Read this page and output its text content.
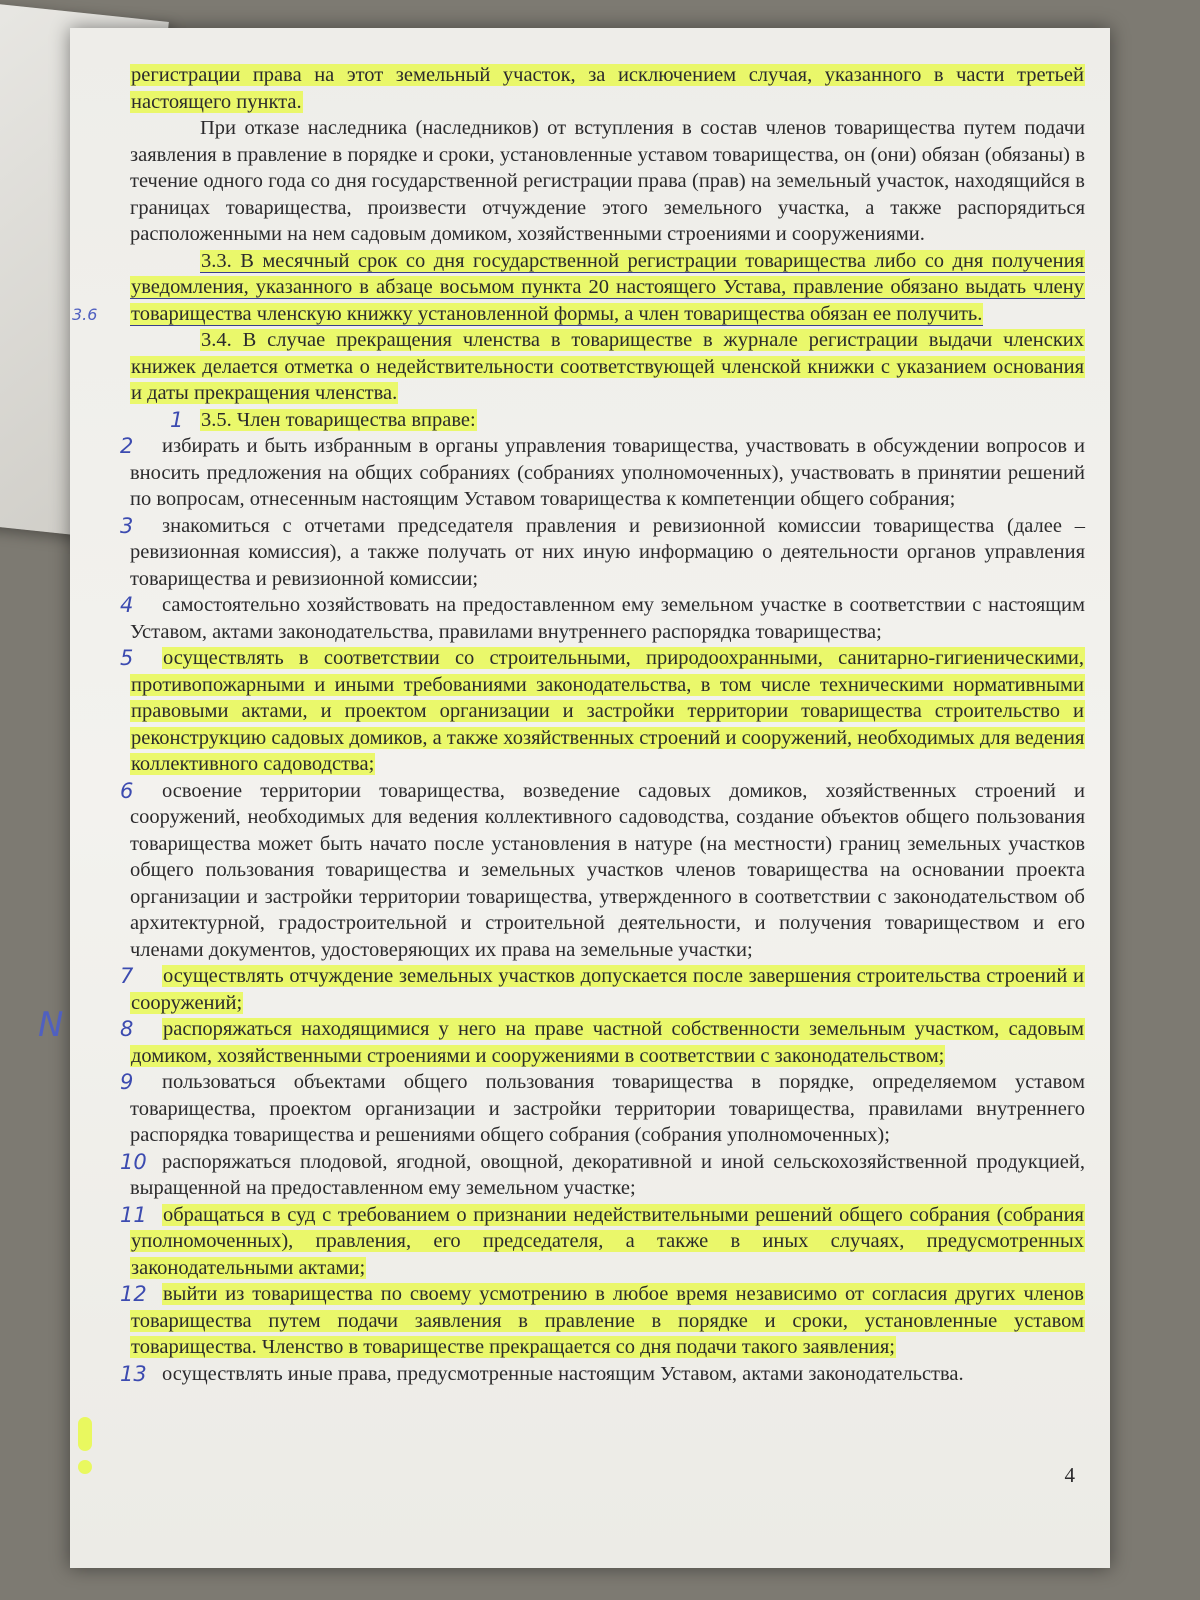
3.6
N

регистрации права на этот земельный участок, за исключением случая, указанного в части третьей настоящего пункта.

При отказе наследника (наследников) от вступления в состав членов товарищества путем подачи заявления в правление в порядке и сроки, установленные уставом товарищества, он (они) обязан (обязаны) в течение одного года со дня государственной регистрации права (прав) на земельный участок, находящийся в границах товарищества, произвести отчуждение этого земельного участка, а также распорядиться расположенными на нем садовым домиком, хозяйственными строениями и сооружениями.

3.3. В месячный срок со дня государственной регистрации товарищества либо со дня получения уведомления, указанного в абзаце восьмом пункта 20 настоящего Устава, правление обязано выдать члену товарищества членскую книжку установленной формы, а член товарищества обязан ее получить.

3.4. В случае прекращения членства в товариществе в журнале регистрации выдачи членских книжек делается отметка о недействительности соответствующей членской книжки с указанием основания и даты прекращения членства.

1 3.5. Член товарищества вправе:

2	избирать и быть избранным в органы управления товарищества, участвовать в обсуждении вопросов и вносить предложения на общих собраниях (собраниях уполномоченных), участвовать в принятии решений по вопросам, отнесенным настоящим Уставом товарищества к компетенции общего собрания;

3	знакомиться с отчетами председателя правления и ревизионной комиссии товарищества (далее – ревизионная комиссия), а также получать от них иную информацию о деятельности органов управления товарищества и ревизионной комиссии;

4	самостоятельно хозяйствовать на предоставленном ему земельном участке в соответствии с настоящим Уставом, актами законодательства, правилами внутреннего распорядка товарищества;

5	осуществлять в соответствии со строительными, природоохранными, санитарно-гигиеническими, противопожарными и иными требованиями законодательства, в том числе техническими нормативными правовыми актами, и проектом организации и застройки территории товарищества строительство и реконструкцию садовых домиков, а также хозяйственных строений и сооружений, необходимых для ведения коллективного садоводства;

6	освоение территории товарищества, возведение садовых домиков, хозяйственных строений и сооружений, необходимых для ведения коллективного садоводства, создание объектов общего пользования товарищества может быть начато после установления в натуре (на местности) границ земельных участков общего пользования товарищества и земельных участков членов товарищества на основании проекта организации и застройки территории товарищества, утвержденного в соответствии с законодательством об архитектурной, градостроительной и строительной деятельности, и получения товариществом и его членами документов, удостоверяющих их права на земельные участки;

7	осуществлять отчуждение земельных участков допускается после завершения строительства строений и сооружений;

8	распоряжаться находящимися у него на праве частной собственности земельным участком, садовым домиком, хозяйственными строениями и сооружениями в соответствии с законодательством;

9	пользоваться объектами общего пользования товарищества в порядке, определяемом уставом товарищества, проектом организации и застройки территории товарищества, правилами внутреннего распорядка товарищества и решениями общего собрания (собрания уполномоченных);

10 распоряжаться плодовой, ягодной, овощной, декоративной и иной сельскохозяйственной продукцией, выращенной на предоставленном ему земельном участке;

11 обращаться в суд с требованием о признании недействительными решений общего собрания (собрания уполномоченных), правления, его председателя, а также в иных случаях, предусмотренных законодательными актами;

12 выйти из товарищества по своему усмотрению в любое время независимо от согласия других членов товарищества путем подачи заявления в правление в порядке и сроки, установленные уставом товарищества. Членство в товариществе прекращается со дня подачи такого заявления;

13 осуществлять иные права, предусмотренные настоящим Уставом, актами законодательства.

4
